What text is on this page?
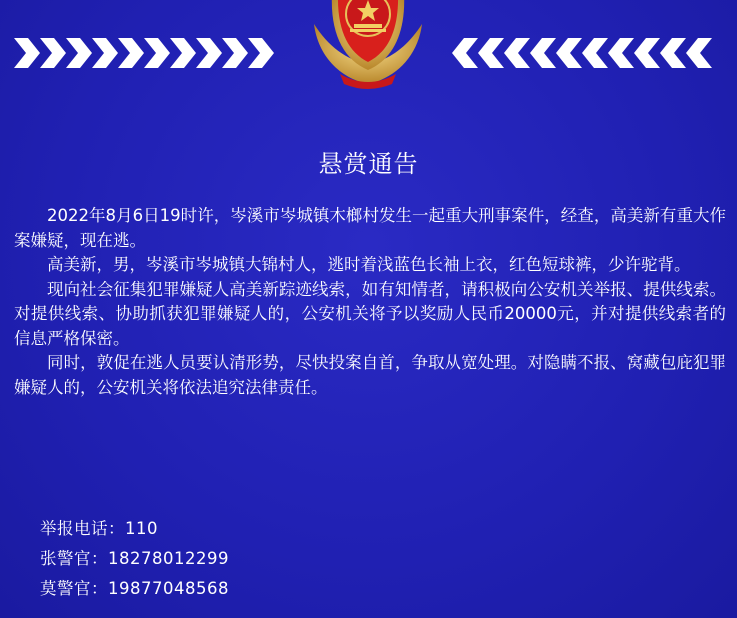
悬赏通告

2022年8月6日19时许，岑溪市岑城镇木榔村发生一起重大刑事案件，经查，高美新有重大作案嫌疑，现在逃。

高美新，男，岑溪市岑城镇大锦村人，逃时着浅蓝色长袖上衣，红色短球裤，少许驼背。

现向社会征集犯罪嫌疑人高美新踪迹线索，如有知情者，请积极向公安机关举报、提供线索。对提供线索、协助抓获犯罪嫌疑人的，公安机关将予以奖励人民币20000元，并对提供线索者的信息严格保密。

同时，敦促在逃人员要认清形势，尽快投案自首，争取从宽处理。对隐瞒不报、窝藏包庇犯罪嫌疑人的，公安机关将依法追究法律责任。

举报电话：110
张警官：18278012299
莫警官：19877048568
